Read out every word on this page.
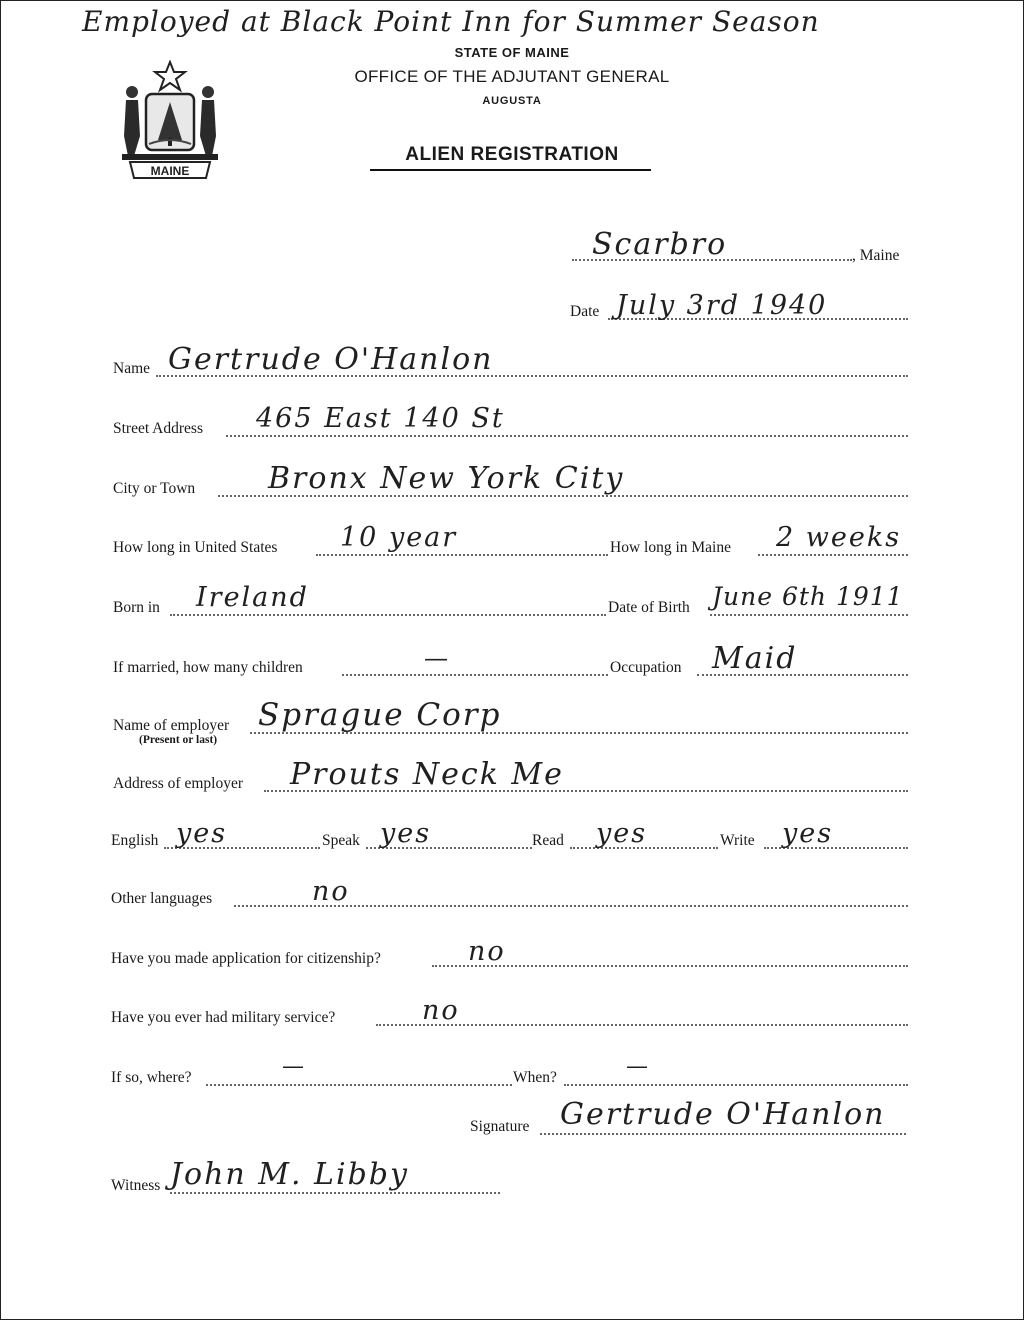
Employed at Black Point Inn for Summer Season
MAINE
STATE OF MAINE
OFFICE OF THE ADJUTANT GENERAL
AUGUSTA
ALIEN REGISTRATION
Scarbro	, Maine
Date July 3rd 1940
Name Gertrude O'Hanlon
Street Address 465 East 140 St
City or Town Bronx New York City
How long in United States 10 year	How long in Maine 2 weeks
Born in Ireland	Date of Birth June 6th 1911
If married, how many children	—	Occupation Maid
Name of employer
(Present or last)
Sprague Corp
Address of employer Prouts Neck Me
English yes	Speak yes	Read yes	Write yes
Other languages	no
Have you made application for citizenship?	no
Have you ever had military service?	no
If so, where?	—	When?	—
Signature Gertrude O'Hanlon
Witness John M. Libby
